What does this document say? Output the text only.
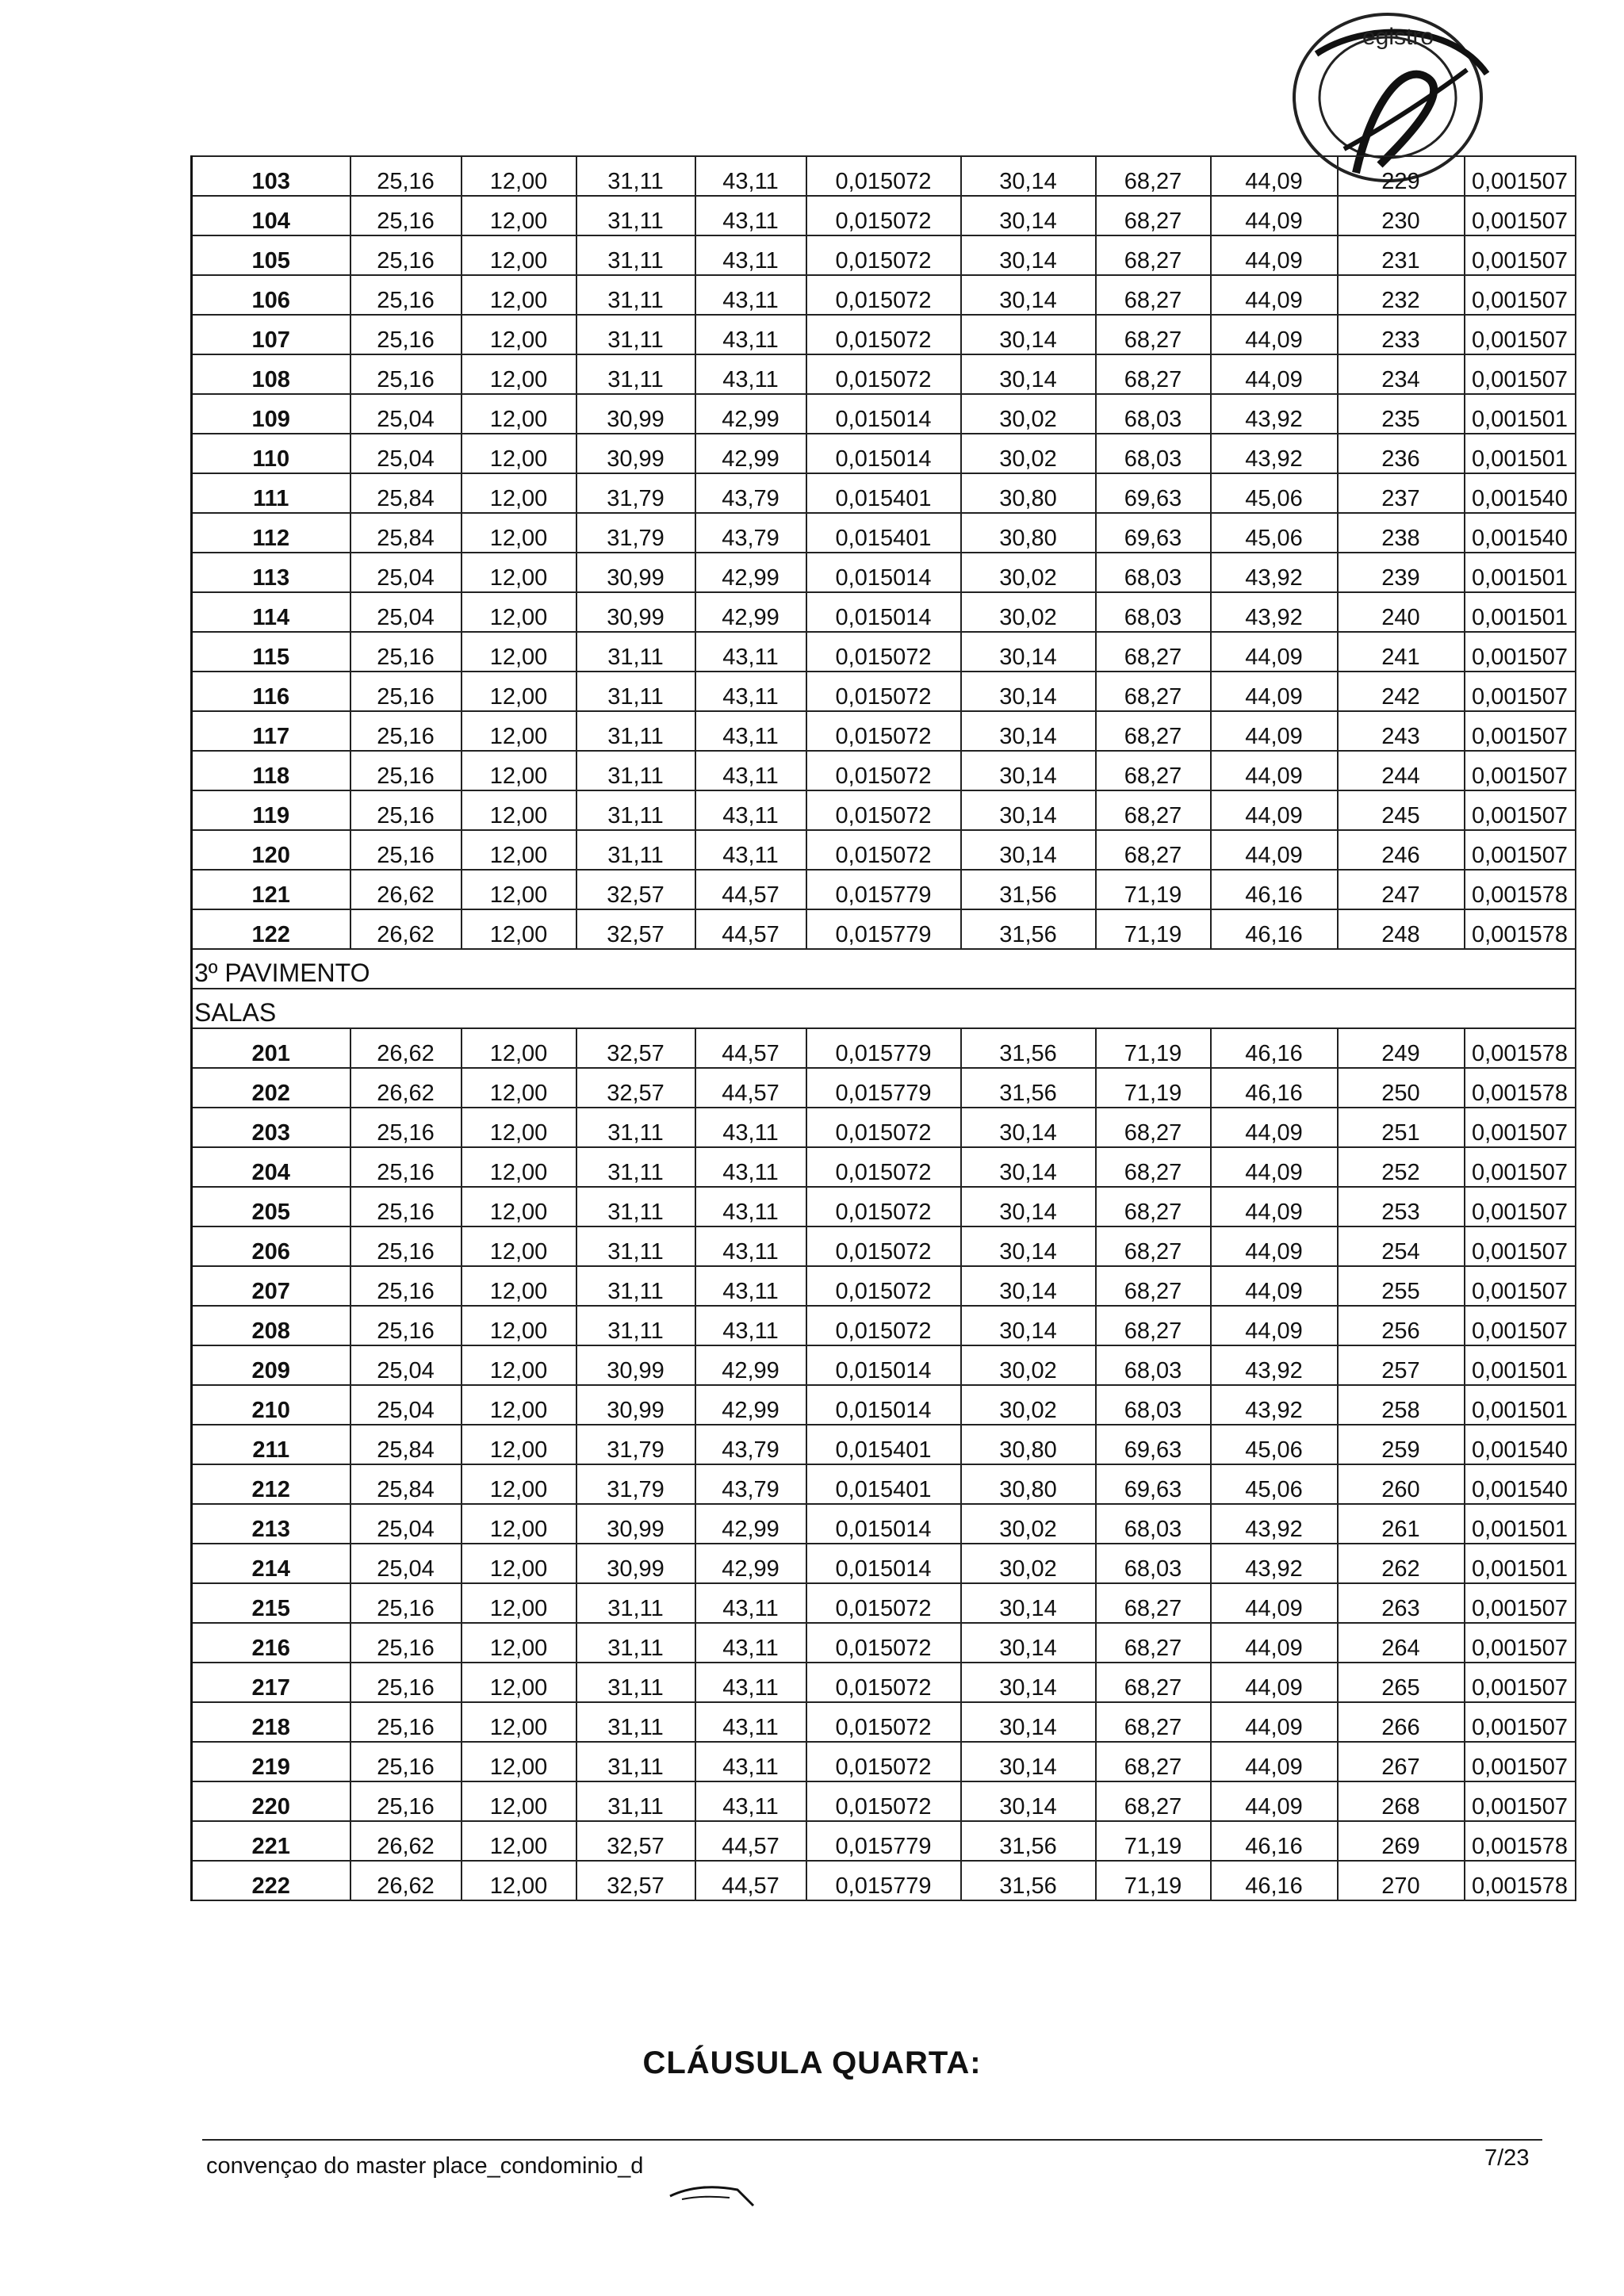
egistro
103	25,16	12,00	31,11	43,11	0,015072	30,14	68,27	44,09	229	0,001507
104	25,16	12,00	31,11	43,11	0,015072	30,14	68,27	44,09	230	0,001507
105	25,16	12,00	31,11	43,11	0,015072	30,14	68,27	44,09	231	0,001507
106	25,16	12,00	31,11	43,11	0,015072	30,14	68,27	44,09	232	0,001507
107	25,16	12,00	31,11	43,11	0,015072	30,14	68,27	44,09	233	0,001507
108	25,16	12,00	31,11	43,11	0,015072	30,14	68,27	44,09	234	0,001507
109	25,04	12,00	30,99	42,99	0,015014	30,02	68,03	43,92	235	0,001501
110	25,04	12,00	30,99	42,99	0,015014	30,02	68,03	43,92	236	0,001501
111	25,84	12,00	31,79	43,79	0,015401	30,80	69,63	45,06	237	0,001540
112	25,84	12,00	31,79	43,79	0,015401	30,80	69,63	45,06	238	0,001540
113	25,04	12,00	30,99	42,99	0,015014	30,02	68,03	43,92	239	0,001501
114	25,04	12,00	30,99	42,99	0,015014	30,02	68,03	43,92	240	0,001501
115	25,16	12,00	31,11	43,11	0,015072	30,14	68,27	44,09	241	0,001507
116	25,16	12,00	31,11	43,11	0,015072	30,14	68,27	44,09	242	0,001507
117	25,16	12,00	31,11	43,11	0,015072	30,14	68,27	44,09	243	0,001507
118	25,16	12,00	31,11	43,11	0,015072	30,14	68,27	44,09	244	0,001507
119	25,16	12,00	31,11	43,11	0,015072	30,14	68,27	44,09	245	0,001507
120	25,16	12,00	31,11	43,11	0,015072	30,14	68,27	44,09	246	0,001507
121	26,62	12,00	32,57	44,57	0,015779	31,56	71,19	46,16	247	0,001578
122	26,62	12,00	32,57	44,57	0,015779	31,56	71,19	46,16	248	0,001578
3º PAVIMENTO										
SALAS										
201	26,62	12,00	32,57	44,57	0,015779	31,56	71,19	46,16	249	0,001578
202	26,62	12,00	32,57	44,57	0,015779	31,56	71,19	46,16	250	0,001578
203	25,16	12,00	31,11	43,11	0,015072	30,14	68,27	44,09	251	0,001507
204	25,16	12,00	31,11	43,11	0,015072	30,14	68,27	44,09	252	0,001507
205	25,16	12,00	31,11	43,11	0,015072	30,14	68,27	44,09	253	0,001507
206	25,16	12,00	31,11	43,11	0,015072	30,14	68,27	44,09	254	0,001507
207	25,16	12,00	31,11	43,11	0,015072	30,14	68,27	44,09	255	0,001507
208	25,16	12,00	31,11	43,11	0,015072	30,14	68,27	44,09	256	0,001507
209	25,04	12,00	30,99	42,99	0,015014	30,02	68,03	43,92	257	0,001501
210	25,04	12,00	30,99	42,99	0,015014	30,02	68,03	43,92	258	0,001501
211	25,84	12,00	31,79	43,79	0,015401	30,80	69,63	45,06	259	0,001540
212	25,84	12,00	31,79	43,79	0,015401	30,80	69,63	45,06	260	0,001540
213	25,04	12,00	30,99	42,99	0,015014	30,02	68,03	43,92	261	0,001501
214	25,04	12,00	30,99	42,99	0,015014	30,02	68,03	43,92	262	0,001501
215	25,16	12,00	31,11	43,11	0,015072	30,14	68,27	44,09	263	0,001507
216	25,16	12,00	31,11	43,11	0,015072	30,14	68,27	44,09	264	0,001507
217	25,16	12,00	31,11	43,11	0,015072	30,14	68,27	44,09	265	0,001507
218	25,16	12,00	31,11	43,11	0,015072	30,14	68,27	44,09	266	0,001507
219	25,16	12,00	31,11	43,11	0,015072	30,14	68,27	44,09	267	0,001507
220	25,16	12,00	31,11	43,11	0,015072	30,14	68,27	44,09	268	0,001507
221	26,62	12,00	32,57	44,57	0,015779	31,56	71,19	46,16	269	0,001578
222	26,62	12,00	32,57	44,57	0,015779	31,56	71,19	46,16	270	0,001578
CLÁUSULA QUARTA:
convençao do master place_condominio_d	7/23
